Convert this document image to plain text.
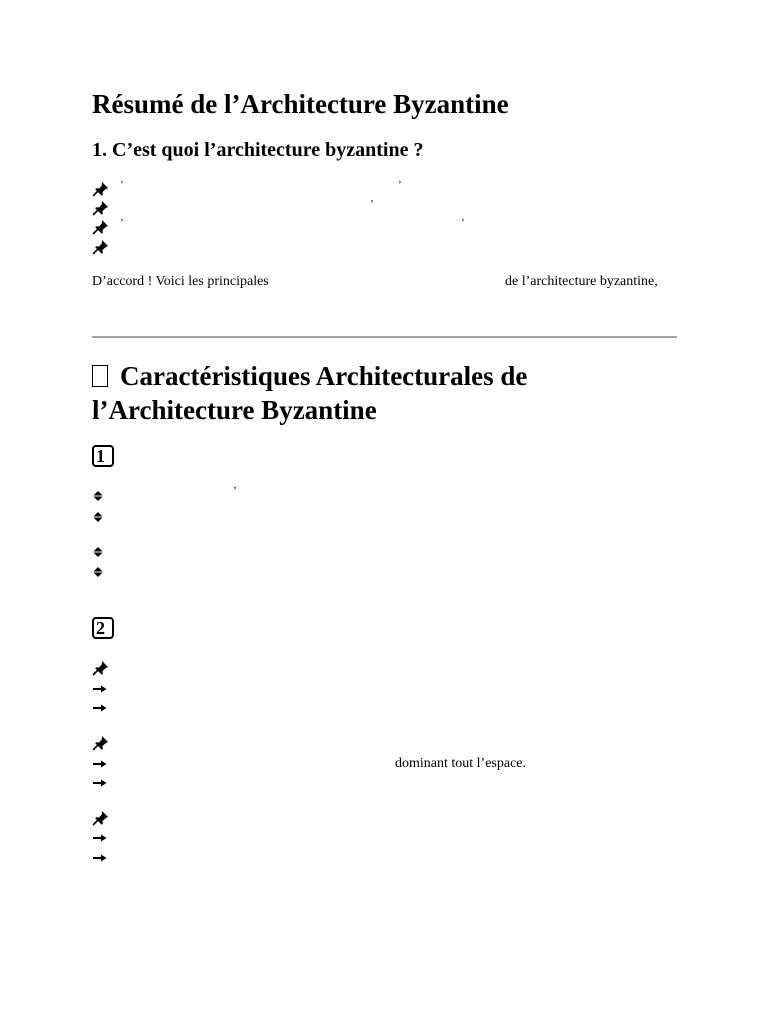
Résumé de l’Architecture Byzantine
1. C’est quoi l’architecture byzantine ?
’	’
’
’	’
D’accord ! Voici les principales	de l’architecture byzantine,
Caractéristiques Architecturales de
l’Architecture Byzantine
1
’
2
dominant tout l’espace.
